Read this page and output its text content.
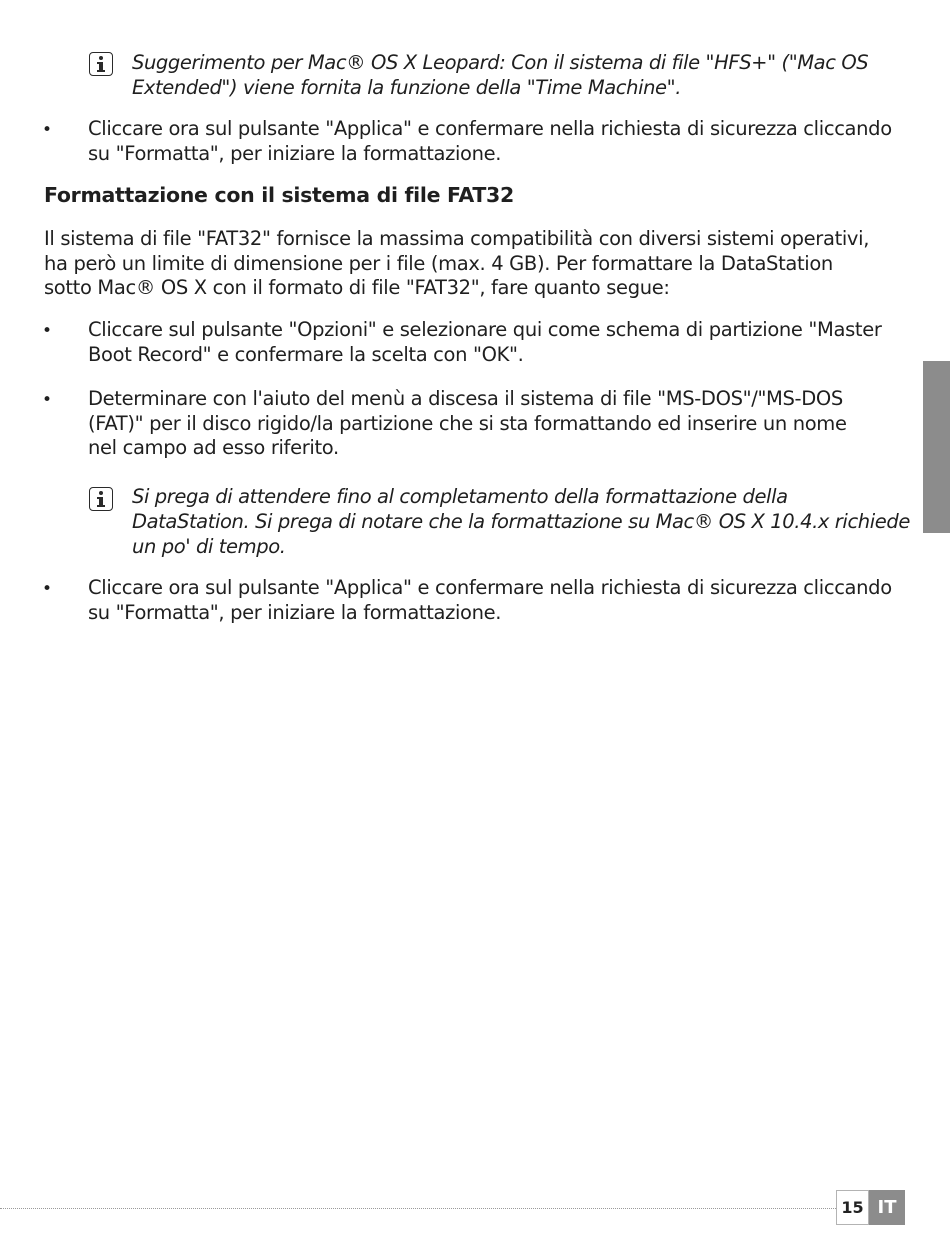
Suggerimento per Mac® OS X Leopard: Con il sistema di file "HFS+" ("Mac OS
Extended") viene fornita la funzione della "Time Machine".
• Cliccare ora sul pulsante "Applica" e confermare nella richiesta di sicurezza cliccando
su "Formatta", per iniziare la formattazione.
Formattazione con il sistema di file FAT32
Il sistema di file "FAT32" fornisce la massima compatibilità con diversi sistemi operativi,
ha però un limite di dimensione per i file (max. 4 GB). Per formattare la DataStation
sotto Mac® OS X con il formato di file "FAT32", fare quanto segue:
• Cliccare sul pulsante "Opzioni" e selezionare qui come schema di partizione "Master
Boot Record" e confermare la scelta con "OK".
• Determinare con l'aiuto del menù a discesa il sistema di file "MS-DOS"/"MS-DOS
(FAT)" per il disco rigido/la partizione che si sta formattando ed inserire un nome
nel campo ad esso riferito.
Si prega di attendere fino al completamento della formattazione della
DataStation. Si prega di notare che la formattazione su Mac® OS X 10.4.x richiede
un po' di tempo.
• Cliccare ora sul pulsante "Applica" e confermare nella richiesta di sicurezza cliccando
su "Formatta", per iniziare la formattazione.
15 IT
